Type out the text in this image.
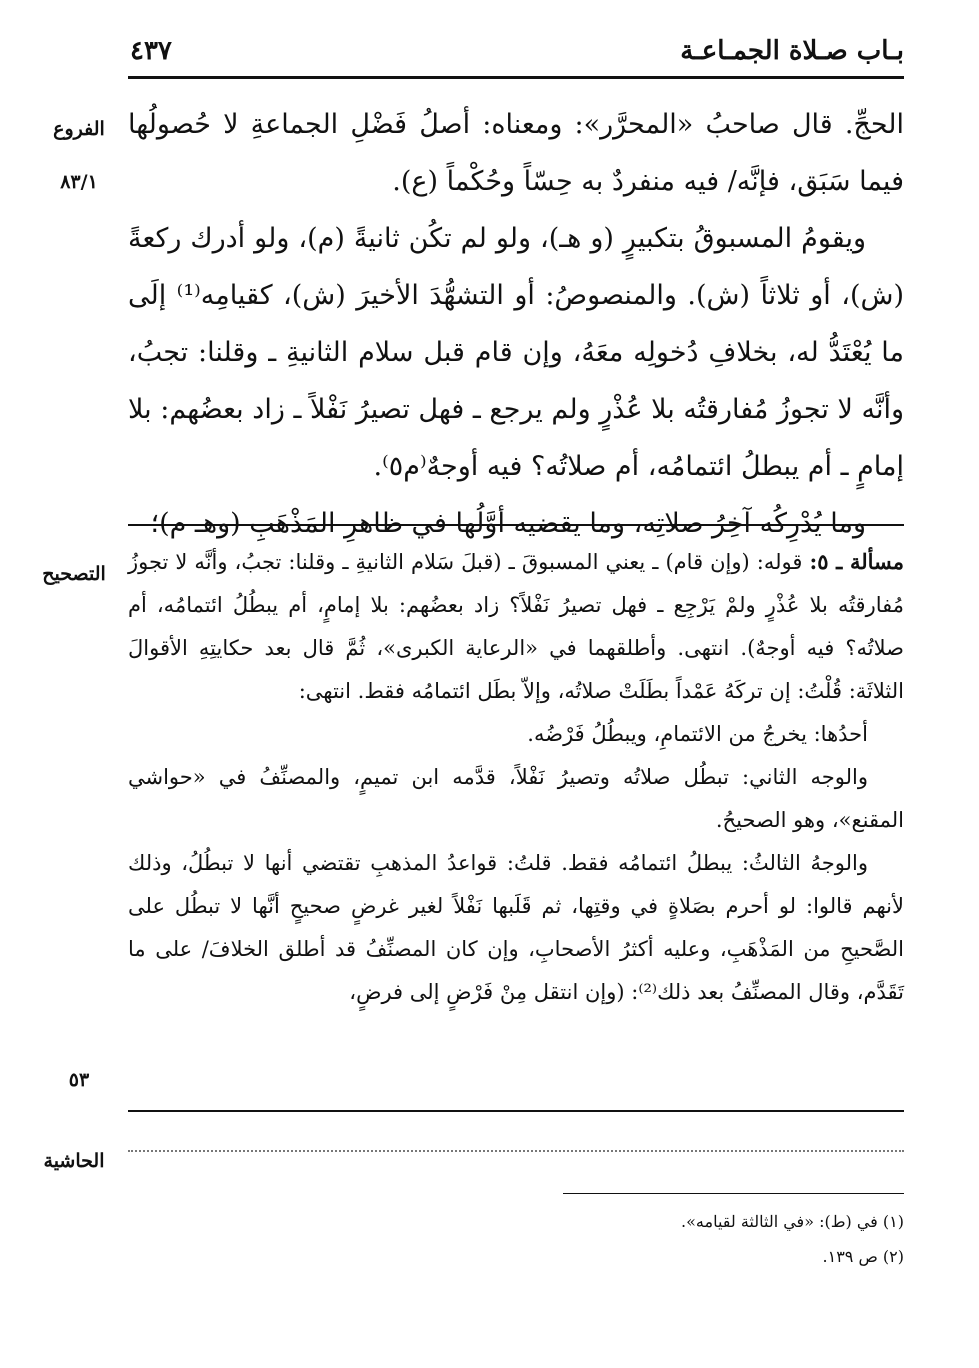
بـاب صـلاة الجمـاعـة
٤٣٧
الفروع
٨٣/١

الحجِّ. قال صاحبُ «المحرَّر»: ومعناه: أصلُ فَضْلِ الجماعةِ لا حُصولُها فيما سَبَق، فإنَّه/ فيه منفردٌ به حِسّاً وحُكْماً (ع).

ويقومُ المسبوقُ بتكبيرٍ (و هـ)، ولو لم تكُن ثانيةً (م)، ولو أدرك ركعةً (ش)، أو ثلاثاً (ش). والمنصوصُ: أو التشهُّدَ الأخيرَ (ش)، كقيامِه⁽¹⁾ إلَى ما يُعْتَدُّ له، بخلافِ دُخولِه معَهُ، وإن قام قبل سلام الثانيةِ ـ وقلنا: تجبُ، وأنَّه لا تجوزُ مُفارقتُه بلا عُذْرٍ ولم يرجع ـ فهل تصيرُ نَفْلاً ـ زاد بعضُهم: بلا إمامٍ ـ أم يبطلُ ائتمامُه، أم صلاتُه؟ فيه أوجهٌ⁽م٥⁾.

وما يُدْرِكُه آخِرُ صلاتِه، وما يقضيه أوَّلُها في ظاهرِ المَذْهَبِ (وهـ م)؛

التصحيح
٥٣

مسألة ـ ٥: قوله: (وإن قام) ـ يعني المسبوقَ ـ (قبلَ سَلام الثانيةِ ـ وقلنا: تجبُ، وأنَّه لا تجوزُ مُفارقتُه بلا عُذْرٍ ولمْ يَرْجِع ـ فهل تصيرُ نَفْلاً؟ زاد بعضُهم: بلا إمامٍ، أم يبطُلُ ائتمامُه، أم صلاتُه؟ فيه أوجهٌ). انتهى. وأطلقهما في «الرعاية الكبرى»، ثُمَّ قال بعد حكايتِهِ الأقوالَ الثلاثَة: قُلْتُ: إن تركَهُ عَمْداً بطَلَتْ صلاتُه، وإلاّ بطَل ائتمامُه فقط. انتهى:

أحدُها: يخرجُ من الائتمامِ، ويبطُلُ فَرْضُه.

والوجه الثاني: تبطُل صلاتُه وتصيرُ نَفْلاً، قدَّمه ابن تميمٍ، والمصنِّفُ في «حواشي المقنع»، وهو الصحيحُ.

والوجهُ الثالثُ: يبطلُ ائتمامُه فقط. قلتُ: قواعدُ المذهبِ تقتضي أنها لا تبطُلُ، وذلك لأنهم قالوا: لو أحرم بصَلاةٍ في وقتِها، ثم قَلَبها نَفْلاً لغير غرضٍ صحيحٍ أنَّها لا تبطُل على الصَّحيحِ من المَذْهَبِ، وعليه أكثرُ الأصحابِ، وإن كان المصنِّفُ قد أطلق الخلافَ/ على ما تَقَدَّم، وقال المصنِّفُ بعد ذلك⁽²⁾: (وإن انتقل مِنْ فَرْضٍ إلى فرضٍ،

الحاشية
(١) في (ط): «في الثالثة لقيامه».
(٢) ص ١٣٩.
